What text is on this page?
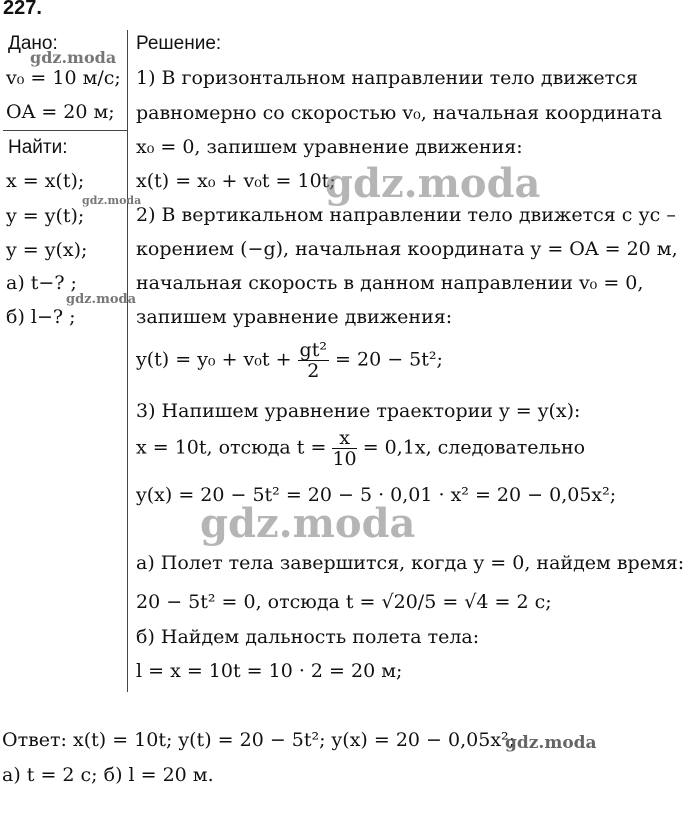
227.
Дано:
v₀ = 10 м/с;
OA = 20 м;
Найти:
x = x(t);
y = y(t);
y = y(x);
а) t−? ;
б) l−? ;
Решение:
1) В горизонтальном направлении тело движется
равномерно со скоростью v₀, начальная координата
x₀ = 0, запишем уравнение движения:
x(t) = x₀ + v₀t = 10t;
2) В вертикальном направлении тело движется с ус –
корением (−g), начальная координата y = OA = 20 м,
начальная скорость в данном направлении v₀ = 0,
запишем уравнение движения:
$y(t) = y_0 + v_0t + \frac{\text{gt²}}{2} = 20 - 5t^2$;
3) Напишем уравнение траектории y = y(x):
x = 10t, отсюда $t = \frac{x}{10} = 0,1x$, следовательно
y(x) = 20 − 5t² = 20 − 5 · 0,01 · x² = 20 − 0,05x²;
а) Полет тела завершится, когда y = 0, найдем время:
20 − 5t² = 0, отсюда t = √20/5 = √4 = 2 с;
б) Найдем дальность полета тела:
l = x = 10t = 10 · 2 = 20 м;
Ответ: x(t) = 10t; y(t) = 20 − 5t²; y(x) = 20 − 0,05x²;
а) t = 2 с; б) l = 20 м.
gdz.moda
gdz.moda
gdz.moda
gdz.moda
gdz.moda
gdz.moda
